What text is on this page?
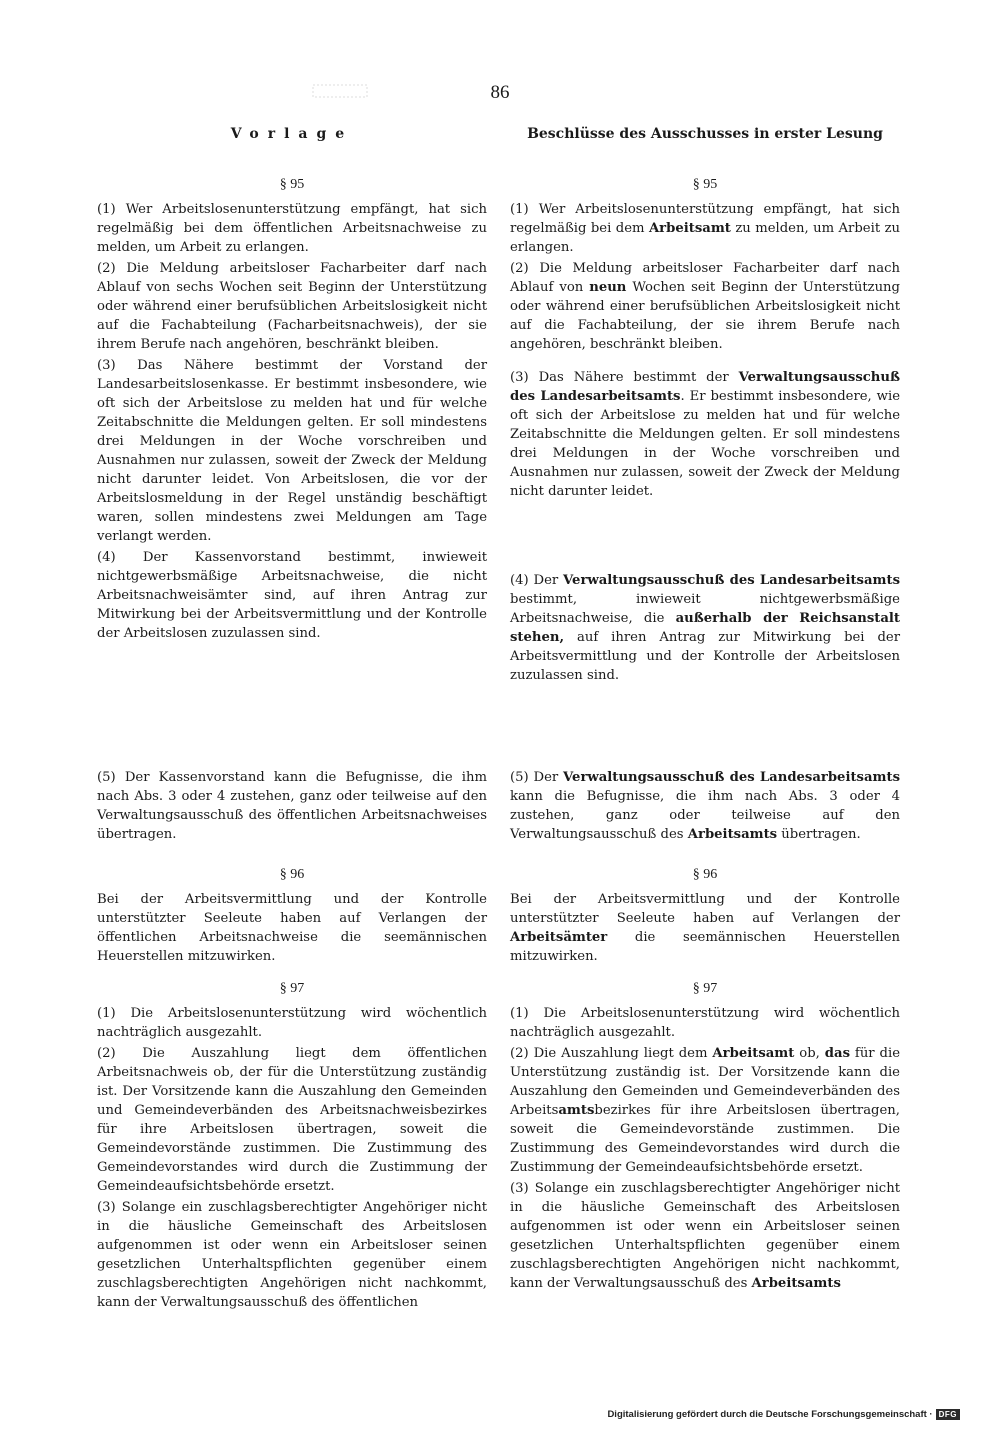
86
Vorlage	Beschlüsse des Ausschusses in erster Lesung
§ 95

(1) Wer Arbeitslosenunterstützung empfängt, hat sich regelmäßig bei dem öffentlichen Arbeitsnachweise zu melden, um Arbeit zu erlangen.

(2) Die Meldung arbeitsloser Facharbeiter darf nach Ablauf von sechs Wochen seit Beginn der Unterstützung oder während einer berufsüblichen Arbeitslosigkeit nicht auf die Fachabteilung (Facharbeitsnachweis), der sie ihrem Berufe nach angehören, beschränkt bleiben.

(3) Das Nähere bestimmt der Vorstand der Landesarbeitslosenkasse. Er bestimmt insbesondere, wie oft sich der Arbeitslose zu melden hat und für welche Zeitabschnitte die Meldungen gelten. Er soll mindestens drei Meldungen in der Woche vorschreiben und Ausnahmen nur zulassen, soweit der Zweck der Meldung nicht darunter leidet. Von Arbeitslosen, die vor der Arbeitslosmeldung in der Regel unständig beschäftigt waren, sollen mindestens zwei Meldungen am Tage verlangt werden.

(4) Der Kassenvorstand bestimmt, inwieweit nichtgewerbsmäßige Arbeitsnachweise, die nicht Arbeitsnachweisämter sind, auf ihren Antrag zur Mitwirkung bei der Arbeitsvermittlung und der Kontrolle der Arbeitslosen zuzulassen sind.

(5) Der Kassenvorstand kann die Befugnisse, die ihm nach Abs. 3 oder 4 zustehen, ganz oder teilweise auf den Verwaltungsausschuß des öffentlichen Arbeitsnachweises übertragen.

§ 96

Bei der Arbeitsvermittlung und der Kontrolle unterstützter Seeleute haben auf Verlangen der öffentlichen Arbeitsnachweise die seemännischen Heuerstellen mitzuwirken.

§ 97

(1) Die Arbeitslosenunterstützung wird wöchentlich nachträglich ausgezahlt.

(2) Die Auszahlung liegt dem öffentlichen Arbeitsnachweis ob, der für die Unterstützung zuständig ist. Der Vorsitzende kann die Auszahlung den Gemeinden und Gemeindeverbänden des Arbeitsnachweisbezirkes für ihre Arbeitslosen übertragen, soweit die Gemeindevorstände zustimmen. Die Zustimmung des Gemeindevorstandes wird durch die Zustimmung der Gemeindeaufsichtsbehörde ersetzt.

(3) Solange ein zuschlagsberechtigter Angehöriger nicht in die häusliche Gemeinschaft des Arbeitslosen aufgenommen ist oder wenn ein Arbeitsloser seinen gesetzlichen Unterhaltspflichten gegenüber einem zuschlagsberechtigten Angehörigen nicht nachkommt, kann der Verwaltungsausschuß des öffentlichen

§ 95

(1) Wer Arbeitslosenunterstützung empfängt, hat sich regelmäßig bei dem Arbeitsamt zu melden, um Arbeit zu erlangen.

(2) Die Meldung arbeitsloser Facharbeiter darf nach Ablauf von neun Wochen seit Beginn der Unterstützung oder während einer berufsüblichen Arbeitslosigkeit nicht auf die Fachabteilung, der sie ihrem Berufe nach angehören, beschränkt bleiben.

(3) Das Nähere bestimmt der Verwaltungsausschuß des Landesarbeitsamts. Er bestimmt insbesondere, wie oft sich der Arbeitslose zu melden hat und für welche Zeitabschnitte die Meldungen gelten. Er soll mindestens drei Meldungen in der Woche vorschreiben und Ausnahmen nur zulassen, soweit der Zweck der Meldung nicht darunter leidet.

(4) Der Verwaltungsausschuß des Landesarbeitsamts bestimmt, inwieweit nichtgewerbsmäßige Arbeitsnachweise, die außerhalb der Reichsanstalt stehen, auf ihren Antrag zur Mitwirkung bei der Arbeitsvermittlung und der Kontrolle der Arbeitslosen zuzulassen sind.

(5) Der Verwaltungsausschuß des Landesarbeitsamts kann die Befugnisse, die ihm nach Abs. 3 oder 4 zustehen, ganz oder teilweise auf den Verwaltungsausschuß des Arbeitsamts übertragen.

§ 96

Bei der Arbeitsvermittlung und der Kontrolle unterstützter Seeleute haben auf Verlangen der Arbeitsämter die seemännischen Heuerstellen mitzuwirken.

§ 97

(1) Die Arbeitslosenunterstützung wird wöchentlich nachträglich ausgezahlt.

(2) Die Auszahlung liegt dem Arbeitsamt ob, das für die Unterstützung zuständig ist. Der Vorsitzende kann die Auszahlung den Gemeinden und Gemeindeverbänden des Arbeitsamtsbezirkes für ihre Arbeitslosen übertragen, soweit die Gemeindevorstände zustimmen. Die Zustimmung des Gemeindevorstandes wird durch die Zustimmung der Gemeindeaufsichtsbehörde ersetzt.

(3) Solange ein zuschlagsberechtigter Angehöriger nicht in die häusliche Gemeinschaft des Arbeitslosen aufgenommen ist oder wenn ein Arbeitsloser seinen gesetzlichen Unterhaltspflichten gegenüber einem zuschlagsberechtigten Angehörigen nicht nachkommt, kann der Verwaltungsausschuß des Arbeitsamts

Digitalisierung gefördert durch die Deutsche Forschungsgemeinschaft · DFG
